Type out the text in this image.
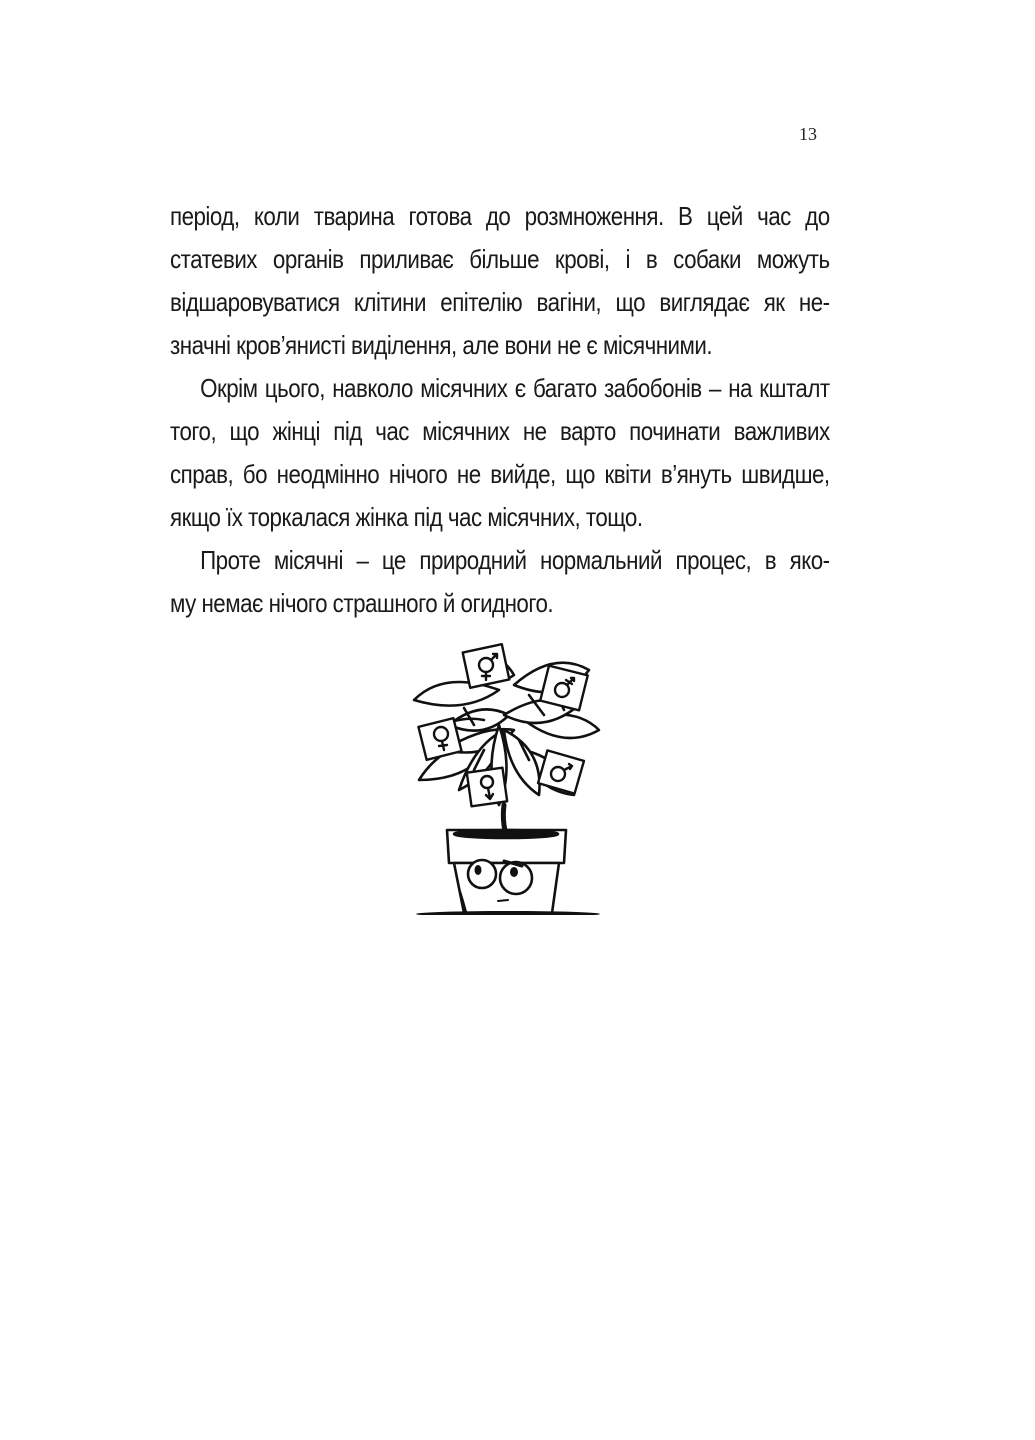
13
період, коли тварина готова до розмноження. В цей час до
статевих органів приливає більше крові, і в собаки можуть
відшаровуватися клітини епітелію вагіни, що виглядає як не-
значні кров’янисті виділення, але вони не є місячними.
Окрім цього, навколо місячних є багато забобонів – на кшталт
того, що жінці під час місячних не варто починати важливих
справ, бо неодмінно нічого не вийде, що квіти в’януть швидше,
якщо їх торкалася жінка під час місячних, тощо.
Проте місячні – це природний нормальний процес, в яко-
му немає нічого страшного й огидного.
